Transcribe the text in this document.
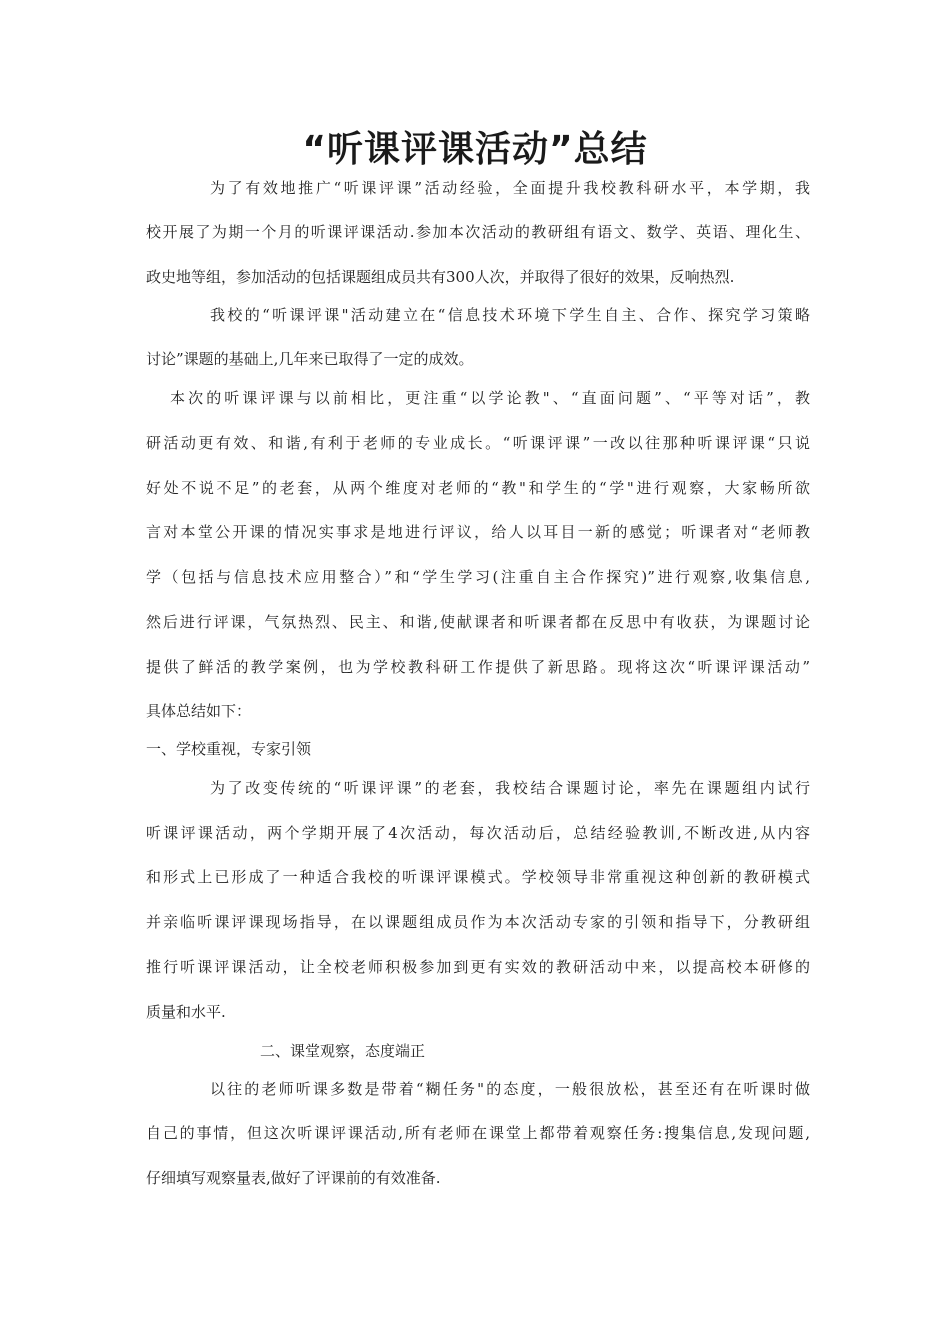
“听课评课活动”总结
为了有效地推广“听课评课”活动经验，全面提升我校教科研水平，本学期，我
校开展了为期一个月的听课评课活动.参加本次活动的教研组有语文、数学、英语、理化生、
政史地等组，参加活动的包括课题组成员共有300人次，并取得了很好的效果，反响热烈.
我校的“听课评课"活动建立在“信息技术环境下学生自主、合作、探究学习策略
讨论”课题的基础上,几年来已取得了一定的成效。
本次的听课评课与以前相比，更注重“以学论教"、“直面问题”、“平等对话”，教
研活动更有效、和谐,有利于老师的专业成长。“听课评课”一改以往那种听课评课“只说
好处不说不足”的老套，从两个维度对老师的“教"和学生的“学"进行观察，大家畅所欲
言对本堂公开课的情况实事求是地进行评议，给人以耳目一新的感觉；听课者对“老师教
学（包括与信息技术应用整合）”和“学生学习(注重自主合作探究)”进行观察,收集信息,
然后进行评课，气氛热烈、民主、和谐,使献课者和听课者都在反思中有收获，为课题讨论
提供了鲜活的教学案例，也为学校教科研工作提供了新思路。现将这次“听课评课活动”
具体总结如下：
一、学校重视，专家引领
为了改变传统的“听课评课”的老套，我校结合课题讨论，率先在课题组内试行
听课评课活动，两个学期开展了4次活动，每次活动后，总结经验教训,不断改进,从内容
和形式上已形成了一种适合我校的听课评课模式。学校领导非常重视这种创新的教研模式
并亲临听课评课现场指导，在以课题组成员作为本次活动专家的引领和指导下，分教研组
推行听课评课活动，让全校老师积极参加到更有实效的教研活动中来，以提高校本研修的
质量和水平.
二、课堂观察，态度端正
以往的老师听课多数是带着“糊任务"的态度，一般很放松，甚至还有在听课时做
自己的事情，但这次听课评课活动,所有老师在课堂上都带着观察任务:搜集信息,发现问题,
仔细填写观察量表,做好了评课前的有效准备.
